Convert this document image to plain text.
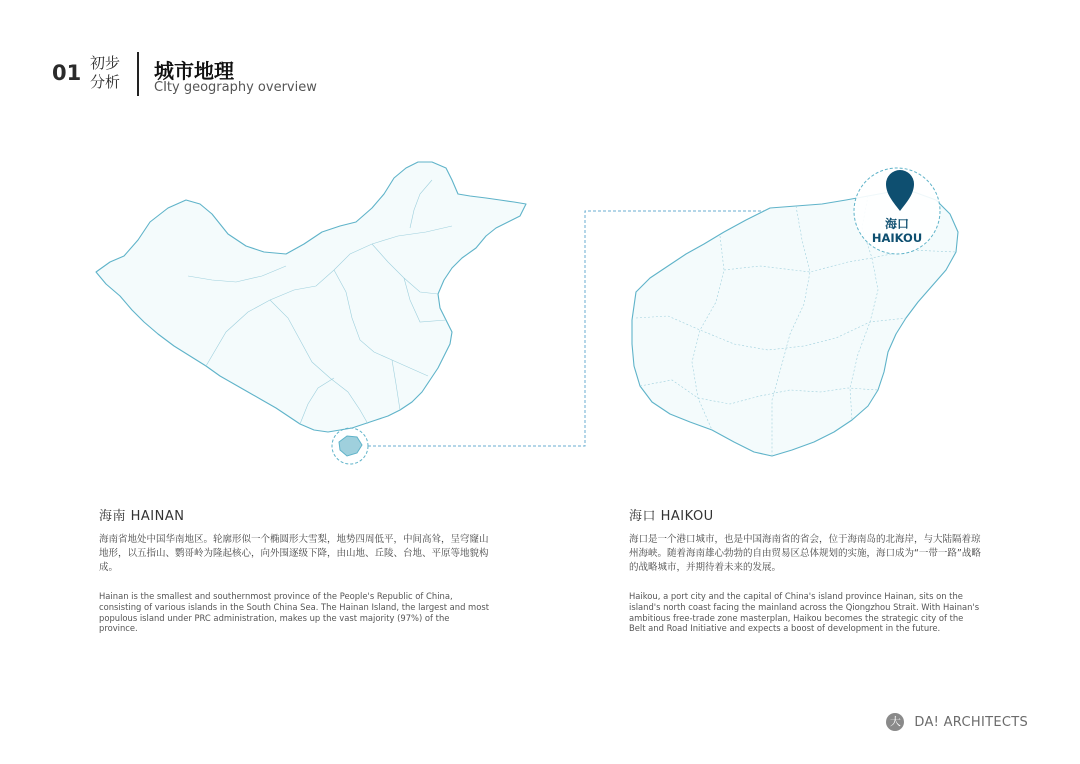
01 初步
分析	城市地理
CIty geography overview
海口
HAIKOU
海南 HAINAN
海南省地处中国华南地区。轮廓形似一个椭圆形大雪梨，地势四周低平，中间高耸，呈穹窿山地形，以五指山、鹦哥岭为隆起核心，向外围逐级下降，由山地、丘陵、台地、平原等地貌构成。
Hainan is the smallest and southernmost province of the People's Republic of China, consisting of various islands in the South China Sea. The Hainan Island, the largest and most populous island under PRC administration, makes up the vast majority (97%) of the province.
海口 HAIKOU
海口是一个港口城市，也是中国海南省的省会，位于海南岛的北海岸，与大陆隔着琼州海峡。随着海南雄心勃勃的自由贸易区总体规划的实施，海口成为“一带一路”战略的战略城市，并期待着未来的发展。
Haikou, a port city and the capital of China's island province Hainan, sits on the island's north coast facing the mainland across the Qiongzhou Strait. With Hainan's ambitious free-trade zone masterplan, Haikou becomes the strategic city of the Belt and Road Initiative and expects a boost of development in the future.
大 DA! ARCHITECTS
